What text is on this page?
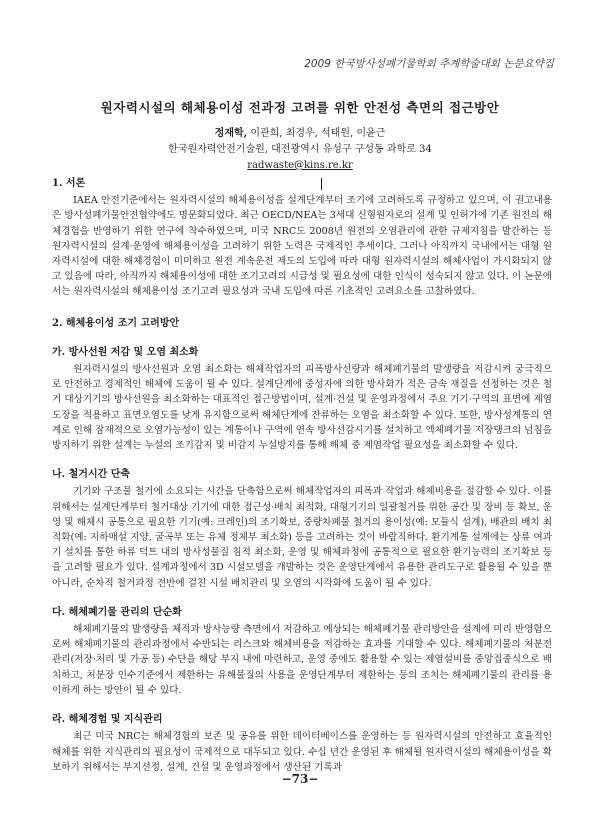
2009 한국방사성폐기물학회 추계학술대회 논문요약집
원자력시설의 해체용이성 전과정 고려를 위한 안전성 측면의 접근방안
정재학, 이관희, 최경우, 석태원, 이윤근
한국원자력안전기술원, 대전광역시 유성구 구성동 과학로 34
radwaste@kins.re.kr
1. 서론

IAEA 안전기준에서는 원자력시설의 해체용이성을 설계단계부터 조기에 고려하도록 규정하고 있으며, 이 권고내용은 방사성폐기물안전협약에도 명문화되었다. 최근 OECD/NEA는 3세대 신형원자로의 설계 및 인허가에 기존 원전의 해체경험을 반영하기 위한 연구에 착수하였으며, 미국 NRC도 2008년 원전의 오염관리에 관한 규제지침을 발간하는 등 원자력시설의 설계·운영에 해체용이성을 고려하기 위한 노력은 국제적인 추세이다. 그러나 아직까지 국내에서는 대형 원자력시설에 대한 해체경험이 미미하고 원전 계속운전 제도의 도입에 따라 대형 원자력시설의 해체사업이 가시화되지 않고 있음에 따라, 아직까지 해체용이성에 대한 조기고려의 시급성 및 필요성에 대한 인식이 성숙되지 않고 있다. 이 논문에서는 원자력시설의 해체용이성 조기고려 필요성과 국내 도입에 따른 기초적인 고려요소를 고찰하였다.

2. 해체용이성 조기 고려방안
가. 방사선원 저감 및 오염 최소화

원자력시설의 방사선원과 오염 최소화는 해체작업자의 피폭방사선량과 해체폐기물의 발생량을 저감시켜 궁극적으로 안전하고 경제적인 해체에 도움이 될 수 있다. 설계단계에 중성자에 의한 방사화가 적은 금속 재질을 선정하는 것은 철거 대상기기의 방사선원을 최소화하는 대표적인 접근방법이며, 설계·건설 및 운영과정에서 주요 기기·구역의 표면에 제염도장을 적용하고 표면오염도를 낮게 유지함으로써 해체단계에 잔류하는 오염을 최소화할 수 있다. 또한, 방사성계통의 연계로 인해 잠재적으로 오염가능성이 있는 계통이나 구역에 연속 방사선감시기를 설치하고 액체폐기물 저장탱크의 넘침을 방지하기 위한 설계는 누설의 조기감지 및 비감지 누설방지를 통해 해체 중 제염작업 필요성을 최소화할 수 있다.

나. 철거시간 단축

기기와 구조물 철거에 소요되는 시간을 단축함으로써 해체작업자의 피폭과 작업과 해체비용을 절감할 수 있다. 이를 위해서는 설계단계부터 철거대상 기기에 대한 접근성·배치 최적화, 대형기기의 일괄철거를 위한 공간 및 장비 등 확보, 운영 및 해체시 공통으로 필요한 기기(예: 크레인)의 조기확보, 중량차폐물 철거의 용이성(예: 모듈식 설계), 배관의 배치 최적화(예: 지하매설 지양, 굴곡부 또는 유체 정체부 최소화) 등을 고려하는 것이 바람직하다. 환기계통 설계에는 상류 여과기 설치를 통한 하류 덕트 내의 방사성물질 침적 최소화, 운영 및 해체과정에 공통적으로 필요한 환기능력의 조기확보 등을 고려할 필요가 있다. 설계과정에서 3D 시설모델을 개발하는 것은 운영단계에서 유용한 관리도구로 활용될 수 있을 뿐 아니라, 순차적 철거과정 전반에 걸친 시설 배치관리 및 오염의 시각화에 도움이 될 수 있다.

다. 해체폐기물 관리의 단순화

해체폐기물의 발생량을 체적과 방사능량 측면에서 저감하고 예상되는 해체폐기물 관리방안을 설계에 미리 반영함으로써 해체폐기물의 관리과정에서 수반되는 리스크와 해체비용을 저감하는 효과를 기대할 수 있다. 해체폐기물의 처분전관리(저장·처리 및 가공 등) 수단을 해당 부지 내에 마련하고, 운영 중에도 활용할 수 있는 제염설비를 중앙집중식으로 배치하고, 처분장 인수기준에서 제한하는 유해물질의 사용을 운영단계부터 제한하는 등의 조치는 해체폐기물의 관리를 용이하게 하는 방안이 될 수 있다.

라. 해체경험 및 지식관리

최근 미국 NRC는 해체경험의 보존 및 공유를 위한 데이터베이스를 운영하는 등 원자력시설의 안전하고 효율적인 해체를 위한 지식관리의 필요성이 국제적으로 대두되고 있다. 수십 년간 운영된 후 해체될 원자력시설의 해체용이성을 확보하기 위해서는 부지선정, 설계, 건설 및 운영과정에서 생산된 기록과

−73−
